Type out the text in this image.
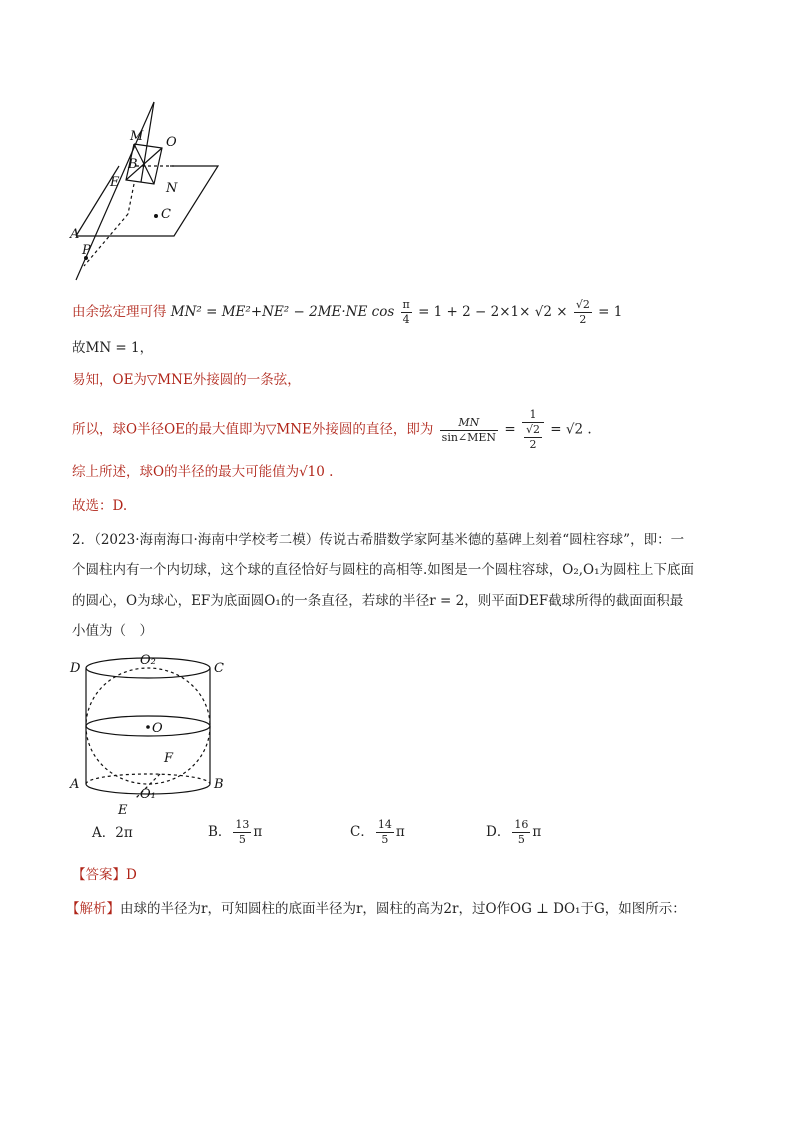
M O
B
E	N
C
A
P
由余弦定理可得 MN² = ME²+NE² − 2ME·NE $\cos \frac{\pi}{4} = 1 + 2 - 2\times 1\times √2 \times \frac{√2}{2} = 1$
故MN = 1，
易知，OE为▽MNE外接圆的一条弦，
所以，球O半径OE的最大值即为▽MNE外接圆的直径，即为 $\frac{MN}{\text{sin∠MEN}} = \frac{1}{\frac{√2}{2}} = √2$ .
综上所述，球O的半径的最大可能值为√10 .
故选：D.
2．（2023·海南海口·海南中学校考二模）传说古希腊数学家阿基米德的墓碑上刻着“圆柱容球”，即：一
个圆柱内有一个内切球，这个球的直径恰好与圆柱的高相等.如图是一个圆柱容球，O₂,O₁为圆柱上下底面
的圆心，O为球心，EF为底面圆O₁的一条直径，若球的半径r = 2，则平面DEF截球所得的截面面积最
小值为（　）
D
O₂
C
O
F
A
O₁
B
E
A．2π	B． $\frac{13}{5}$ π	C． $\frac{14}{5}$ π	D． $\frac{16}{5}$ π
【答案】D
【解析】由球的半径为r，可知圆柱的底面半径为r，圆柱的高为2r，过O作OG ⊥ DO₁于G，如图所示：
